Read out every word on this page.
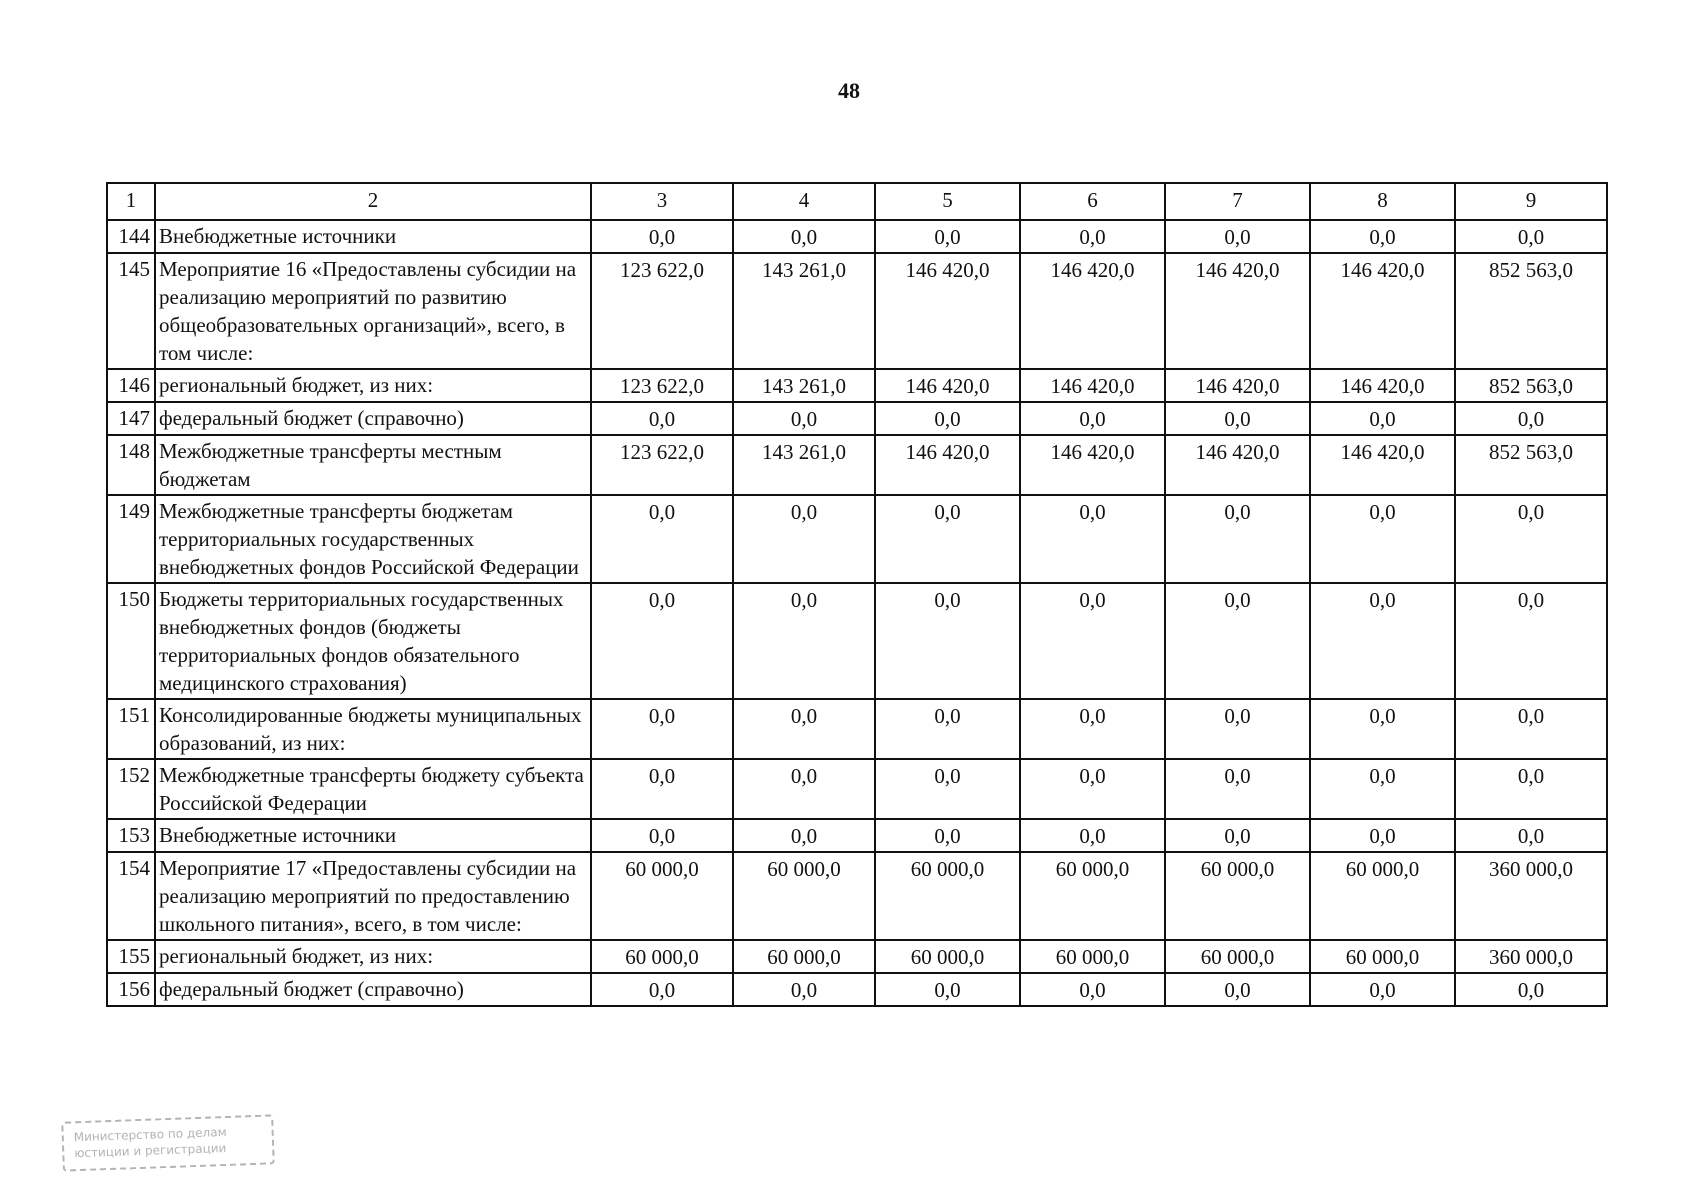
48
1	2	3	4	5	6	7	8	9
144	Внебюджетные источники	0,0	0,0	0,0	0,0	0,0	0,0	0,0
145	Мероприятие 16 «Предоставлены субсидии на реализацию мероприятий по развитию общеобразовательных организаций», всего, в том числе:	123 622,0	143 261,0	146 420,0	146 420,0	146 420,0	146 420,0	852 563,0
146	региональный бюджет, из них:	123 622,0	143 261,0	146 420,0	146 420,0	146 420,0	146 420,0	852 563,0
147	федеральный бюджет (справочно)	0,0	0,0	0,0	0,0	0,0	0,0	0,0
148	Межбюджетные трансферты местным бюджетам	123 622,0	143 261,0	146 420,0	146 420,0	146 420,0	146 420,0	852 563,0
149	Межбюджетные трансферты бюджетам территориальных государственных внебюджетных фондов Российской Федерации	0,0	0,0	0,0	0,0	0,0	0,0	0,0
150	Бюджеты территориальных государственных внебюджетных фондов (бюджеты территориальных фондов обязательного медицинского страхования)	0,0	0,0	0,0	0,0	0,0	0,0	0,0
151	Консолидированные бюджеты муниципальных образований, из них:	0,0	0,0	0,0	0,0	0,0	0,0	0,0
152	Межбюджетные трансферты бюджету субъекта Российской Федерации	0,0	0,0	0,0	0,0	0,0	0,0	0,0
153	Внебюджетные источники	0,0	0,0	0,0	0,0	0,0	0,0	0,0
154	Мероприятие 17 «Предоставлены субсидии на реализацию мероприятий по предоставлению школьного питания», всего, в том числе:	60 000,0	60 000,0	60 000,0	60 000,0	60 000,0	60 000,0	360 000,0
155	региональный бюджет, из них:	60 000,0	60 000,0	60 000,0	60 000,0	60 000,0	60 000,0	360 000,0
156	федеральный бюджет (справочно)	0,0	0,0	0,0	0,0	0,0	0,0	0,0
Министерство по делам
юстиции и регистрации
